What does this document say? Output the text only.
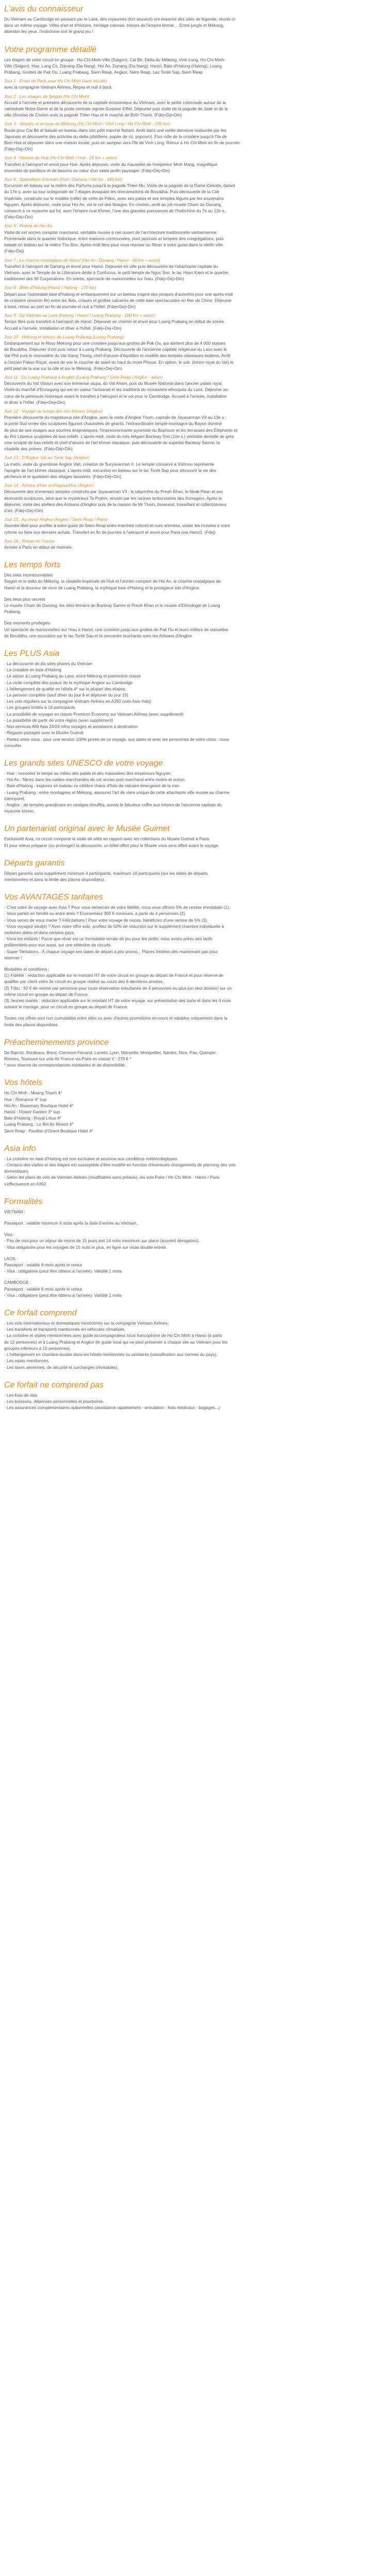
L'avis du connaisseur
Du Vietnam au Cambodge en passant par le Laos, des royaumes (fort souvent) ont essaimé des sites de légende, réunis ici
dans un même voyage. Villes d'art et d'histoire, héritage colonial, trésors de l'empire khmer… Entre jungle et Mékong,
attention les yeux, l'Indochine sort le grand jeu !
Votre programme détaillé
Les étapes de votre circuit en groupe : Ho-Chi-Minh-Ville (Saigon), Cai Bè, Delta du Mékong, Vinh Long, Ho-Chi-Minh-
Ville (Saigon), Hue, Lang Co, Danang (Da Nang), Hoi An, Danang (Da Nang), Hanoï, Baie d'Halong (Halong), Luang
Prabang, Grottes de Pak Ou, Luang Prabang, Siem Reap, Angkor, Siem Reap, Lac Tonlé Sap, Siem Reap
Jour 1 : Envol de Paris pour Ho Chi Minh (sans escale)
avec la compagnie Vietnam Airlines. Repas et nuit à bord.
Jour 2 : Les visages de Saïgon (Ho Chi Minh)
Accueil à l'arrivée et première découverte de la capitale économique du Vietnam, avec le petite colonnade autour de la
cathédrale Notre-Dame et de la poste centrale signée Gustave Eiffel. Déjeuner puis visite de la pagode de Jade et de la
ville chinoise de Cholon avec la pagode Thien Hau et le marché de Binh Thanh. (Fdej+Dd+Din)
Jour 3 : Vergers et arroyos du Mékong (Ho Chi Minh / Vinh Long / Ho Chi Minh - 245 km)
Route pour Cai Bè et balade en bateau dans son petit marché flottant. Arrêt dans une vieille demeure restaurée par les
Japonais et découverte des activités du delta (distillerie, papier de riz, popcorn). Flux rafle de la croisière jusqu'à l'île de
Binh Hoa et déjeuner dans une maison locale, puis en sampan vers l'île de Vinh Long. Retour à Ho Chi Minh en fin de journée.
(Fdej+Dej+Din)
Jour 4 : Histoire de Hué (Ho Chi Minh / Hué - 25 km + avion)
Transfert à l'aéroport et envol pour Hué. Après déjeuner, visite du mausolée de l'empereur Minh Mang, magnifique
ensemble de pavillons et de bassins au cœur d'un vaste jardin paysager. (Fdej+Dej+Din)
Jour 5 : Splendeurs d'Annam (Hué / Danang / Hoi An - 145 km)
Excursion en bateau sur la rivière des Parfums jusqu'à la pagode Thien Mu. Visite de la pagode de la Dame Céleste, datant
du 17e s, avec sa tour octogonale de 7 étages évoquant les réincarnations de Bouddha. Puis découverte de la Cité
Impériale, construite sur le modèle (celle) de cette de Pékin, avec ses palais et ses temples légués par les souverains
Nguyen. Après déjeuner, route pour Hoi An, via le col des Nuages. En chemin, arrêt au joli musée Cham de Danang,
consacré à ce royaume qui fut, avec l'empire rival Khmer, l'une des grandes puissances de l'Indochine du 7e au 12e s.
(Fdej+Dej+Din)
Jour 6 : Poésie de Hoi An
Visite de cet ancien comptoir marchand, véritable musée à ciel ouvert de l'architecture traditionnelle vietnamienne.
Promenade dans le quartier historique, entre maisons communales, pont japonais et temples des congrégations, puis
balade en bateau sur la rivière Thu Bon. Après-midi libre pour vous reposer ou flâner à votre guise dans la vieille ville.
(Fdej+Dej)
Jour 7 : Le charme nostalgique de Hanoï (Hoi An / Danang / Hanoï - 40 km + avion)
Transfert à l'aéroport de Danang et envol pour Hanoï. Déjeuner en ville puis découverte de l'attachante capitale du
Vietnam, avec le Temple de la Littérature dédié à Confucius, le petit temple de Ngoc Son, le lac Hoan Kiem et le quartier
traditionnel des 36 Corporations. En soirée, spectacle de marionnettes sur l'eau. (Fdej+Dej+Din)
Jour 8 : Belle d'Halong (Hanoï / Halong - 170 km)
Départ pour l'admirable baie d'Halong et embarquement sur un bateau inspiré des jonques d'autrefois pour une après-midi
de croisière (environ 4h) entre les îlots, criques et grottes calcaires de cette baie spectaculaire en Mer de Chine. Déjeuner
à bord, retour au port en fin de journée et nuit à l'hôtel. (Fdej+Dej+Din)
Jour 9 : Du Vietnam au Laos (Halong / Hanoï / Luang Prabang - 180 km + avion)
Temps libre puis transfert à l'aéroport de Hanoï. Déjeuner en chemin et envol pour Luang Prabang en début de soirée.
Accueil à l'arrivée, installation et dîner à l'hôtel. (Fdej+Dej+Din)
Jour 10 : Mékong et trésors de Luang Prabang (Luang Prabang)
Embarquement sur le Nouy Mekong pour une croisière jusqu'aux grottes de Pak Ou, qui abritent plus de 4 000 statues
de Bouddha. Déjeuner d'ont puis retour à Luang Prabang. Découverte de l'ancienne capitale religieuse du Laos avec le
Vat Phô puis le monastère du Vat Xiang Thong, chef-d'œuvre d'équilibre et modèle des temples classiques laotiens. Arrêt
à l'ancien Palais Royal, avant de voir le coucher de soleil du haut du mont Phousi. En option, le soir, (trésor royal du Vat) le
petit pied de la vue sur la cité et sur le Mékong. (Fdej+Dej+Din)
Jour 11 : Du Luang Prabang à Angkor (Luang Prabang / Siem Reap / Angkor - avion)
Découverte du Vat Visoun avec son immense stupa, du Vat Aham, puis du Musée National dans l'ancien palais royal.
Visite du marché d'Ennagung qui est en valeur l'artisanat et les traditions du monastère ethniques du Laos. Déjeuner au
cœur de la péninsule historique avant le transfert à l'aéroport et le vol pour le Cambodge. Accueil à l'arrivée, installation
et dîner à l'hôtel. (Fdej+Dej+Din)
Jour 12 : Voyage au temps des rois khmers (Angkor)
Première découverte du majestueux site d'Angkor, avec la visite d'Angkor Thom, capitale de Jayavarman VII au 13e s :
la porte Sud ornée des sculptures figurant chaussées de géants, l'extraordinaire temple-montagne du Bayon dominé
de plus de ses visages aux sourires énigmatiques, l'impressionnante pyramide du Baphuon et les terrasses des Éléphants et
du Roi Lépreux sculptées de bas-reliefs. L'après-midi, visite du très élégant Banteay Srei (10e s.) véritable dentelle de grès
rose sculpté de bas-reliefs et chef-d'œuvre de l'art khmer classique, puis découverte du superbe Banteay Samre, la
citadelle des prières. (Fdej+Dej+Din)
Jour 13 : D'Angkor Vat au Tonlé Sap (Angkor)
La matin, visite du grandiose Angkor Vatt, création de Suryavarman II. Le temple consacré à Vishnou représente
l'apogée de l'art khmer classique. L'après-midi, excursion en bateau sur le lac Tonlé Sap pour découvrir la vie des
pêcheurs et le quotidien des villages lacustres. (Fdej+Dej+Din)
Jour 14 : Artistes d'hier et d'aujourd'hui (Angkor)
Découverte des immenses temples construits par Jayavarman VII : le labyrinthe du Preah Khan, le Neak Pean et ses
étonnants sculptures, ainsi que le mystérieux Ta Prohm, envahi par les racines tentaculaires des fromagers. Après le
déjeuner, visite des ateliers des Artisans d'Angkor puis de la maison de Mr Thom, tisserand, travaillant et collectionneur
d'art. (Fdej+Dej+Din)
Jour 15 : Au revoir Angkor (Angkor / Siem Reap / Paris)
Journée libre pour profiter à votre guise de Siem Reap entre marchés colorés et rues animées, visiter les musées à votre
rythme ou faire vos derniers achats. Transfert en fin de journée à l'aéroport et envol pour Paris (via Hanoï). (Fdej)
Jour 16 : Retour en France.
Arrivée à Paris en début de matinée.
Les temps forts
Des sites incontournables
Saigon et le delta du Mékong, la citadelle impériale de Hué et l'ancien comptoir de Hoi An, le charme nostalgique de
Hanoï et la douceur de vivre de Luang Prabang, la mythique baie d'Halong et le prodigieux site d'Angkor.
Des lieux plus secrets
Le musée Cham de Danang, les sites khmers de Banteay Samre et Preah Khan et le musée d'Ethnologie de Luang
Prabang.
Des moments privilégiés
Un spectacle de marionnettes sur l'eau à Hanoï, une croisière jusqu'aux grottes de Pak Ou et leurs milliers de statuettes
de Bouddha, une excursion sur le lac Tonlé Sap et la rencontre touchante avec les Artisans d'Angkor.
Les PLUS Asia
- La découverte de dix sites phares du Vietnam
- La croisière en baie d'Halong
- Le séjour à Luang Prabang au Laos, entre Mékong et patrimoine classé
- La visite complète des joyaux de la mythique Angkor au Cambodge
- L'hébergement de qualité en hôtels 4* sur la plupart des étapes
- La pension complète (sauf dîner du jour 6 et déjeuner du jour 15)
- Les vols réguliers sur la compagnie Vietnam Airlines en A350 (vols Asia Indo)
- Les groupes limités à 18 participants
- La possibilité de voyager en classe Premium Economy sur Vietnam Airlines (avec supplément)
- La possibilité de partir de votre région (avec supplément)
- Nos services Allô Asia 24/24 infos voyages et assistance à destination
- Regards partagés avec le Musée Guimet
- Partez entre vous : pour une version 100% privée de ce voyage, aux dates et avec les personnes de votre choix : nous
consulter.
Les grands sites UNESCO de votre voyage
- Hue : remontez le temps au milieu des palais et des mausolées des empereurs Nguyen.
- Hoi An : flânez dans les ruelles marchandes de cet ancien port marchand entre rivière et océan.
- Baie d'Halong : explorez en bateau ce célèbre chaos d'îlots de calcaire émergeant de la mer.
- Luang Prabang : entre montagnes et Mékong, savourez l'art de vivre unique de cette attachante ville musée au charme
intemporel.
- Angkor : de temples grandioses en vestiges étouffés, suivez le fabuleux coffre aux trésors de l'ancienne capitale du
royaume khmer.
Un partenariat original avec le Musée Guimet
Exclusivité Asia, ce circuit comporte la visite de sites en rapport avec les collections du Musée Guimet à Paris.
Et pour mieux préparer (ou prolonger) la découverte, un billet offert pour le Musée vous sera offert avant le voyage.
Départs garantis
Départ garantis sans supplément minimum 4 participants, maximum 16 participants (sur les dates de départs
mentionnées et dans la limite des places disponibles).
Vos AVANTAGES tarifaires
- C'est votre 3e voyage avec Asia ? Pour vous remercier de votre fidélité, nous vous offrons 5% de remise immédiate (1).
- Vous partez en famille ou entre amis ? Économisez 300 € minimum, à partir de 4 personnes (2).
- Vous venez de vous marier ? Félicitations ! Pour votre voyage de noces, bénéficiez d'une remise de 5% (3).
- Vous voyagez seul(e) ? Avec notre offre solo, profitez de 50% de réduction sur le supplément chambre individuelle à
certaines dates et dans certains pays.
- Vivre les enfants ! Parce que rêver est un formidable terrain de jeu pour les petits, nous avons prévu des tarifs
préférentiels pour eux aussi, sur une sélection de circuits.
- Super Tentations : À chaque voyage ses dates de départ à prix promo... Places limitées dès maintenant pas pour
réserver !
Modalités et conditions :
(1) Fidélité : réduction applicable sur le montant HT de votre circuit en groupe au départ de France et pour réserve de
qualifier par client votre 3e circuit en groupe réalisé au cours des 6 dernières années.
(2) Tribu : 50 € de remise par personne pour toute réservation simultanée de 4 personnes ou plus (un seul dossier) sur un
même circuit en groupe au départ de France.
(3) Jeunes mariés : réduction applicable sur le montant HT de votre voyage, sur présentation des bans et dans les 6 mois
suivant le mariage, pour un circuit en groupe au départ de France.
Toutes ces offres sont non cumulables entre elles ou avec d'autres promotions en cours et valables uniquement dans la
limite des places disponibles.
Préacheminements province
De Biarritz, Bordeaux, Brest, Clermont-Ferrand, Lorient, Lyon, Marseille, Montpellier, Nantes, Nice, Pau, Quimper,
Rennes, Toulouse sur vols Air France via Paris en classe V : 270 € *
* sous réserve de correspondances existantes et de disponibilité.
Vos hôtels
Ho Chi Minh : Maang Thanh 4*
Hue : Romance 4* sup
Hoi An : Rosemary Boutique Hotel 4*
Hanoï : Flower Garden 3* sup
Baie d'Halong : Royal Lotus 4*
Luang Prabang : Le Bel Air Resort 4*
Siem Reap : Pavillon d'Orient Boutique Hotel 4*
Asia info
- La croisière en baie d'Halong est non exclusive et soumise aux conditions météorologiques.
- Certains des visites et des étapes est susceptible d'être modifié en fonction d'éventuels changements de planning des vols
domestiques.
- Selon les plans de vols de Vietnam Airlines (modifiables sans préavis), les vols Paris / Ho Chi Minh - Hanoï / Paris
s'effectueront en A350.
Formalités
VIETNAM :
Passeport : valable minimum 6 mois après la date d'entrée au Vietnam.
Visa :
- Pas de visa pour un séjour de moins de 15 jours soit 14 nuits maximum sur place (souvent dérogation).
- Visa obligatoire pour les voyages de 15 nuits et plus, en ligne sur visas double entrée.
LAOS :
Passeport : valable 6 mois après le retour.
- Visa : obligatoire (peut être obtenu à l'arrivée). Validité 1 mois
CAMBODGE :
Passeport : valable 6 mois après le retour.
- Visa : obligatoire (peut être obtenu à l'arrivée). Validité 1 mois
Ce forfait comprend
- Les vols internationaux et domestiques mentionnés sur la compagnie Vietnam Airlines.
- Les transferts et transports mentionnés en véhicules climatisés.
- La croisière et visites mentionnées avec guide accompagnateur local francophone de Ho Chi Minh à Hanoï (à partir
de 12 personnes) et à Luang Prabang et Angkor (le guide local qui ne peut présenter à chaque site au Vietnam pour les
groupes inférieurs à 10 personnes).
- L'hébergement en chambre double dans les hôtels mentionnés ou similaires (classification aux normes du pays).
- Les repas mentionnés.
- Les taxes aériennes, de sécurité et surcharges (révisables).
Ce forfait ne comprend pas
- Les frais de visa
- Les boissons, dépenses personnelles et pourboires.
- Les assurances complémentaires optionnelles (assistance rapatriement - annulation - frais médicaux - bagages...)
